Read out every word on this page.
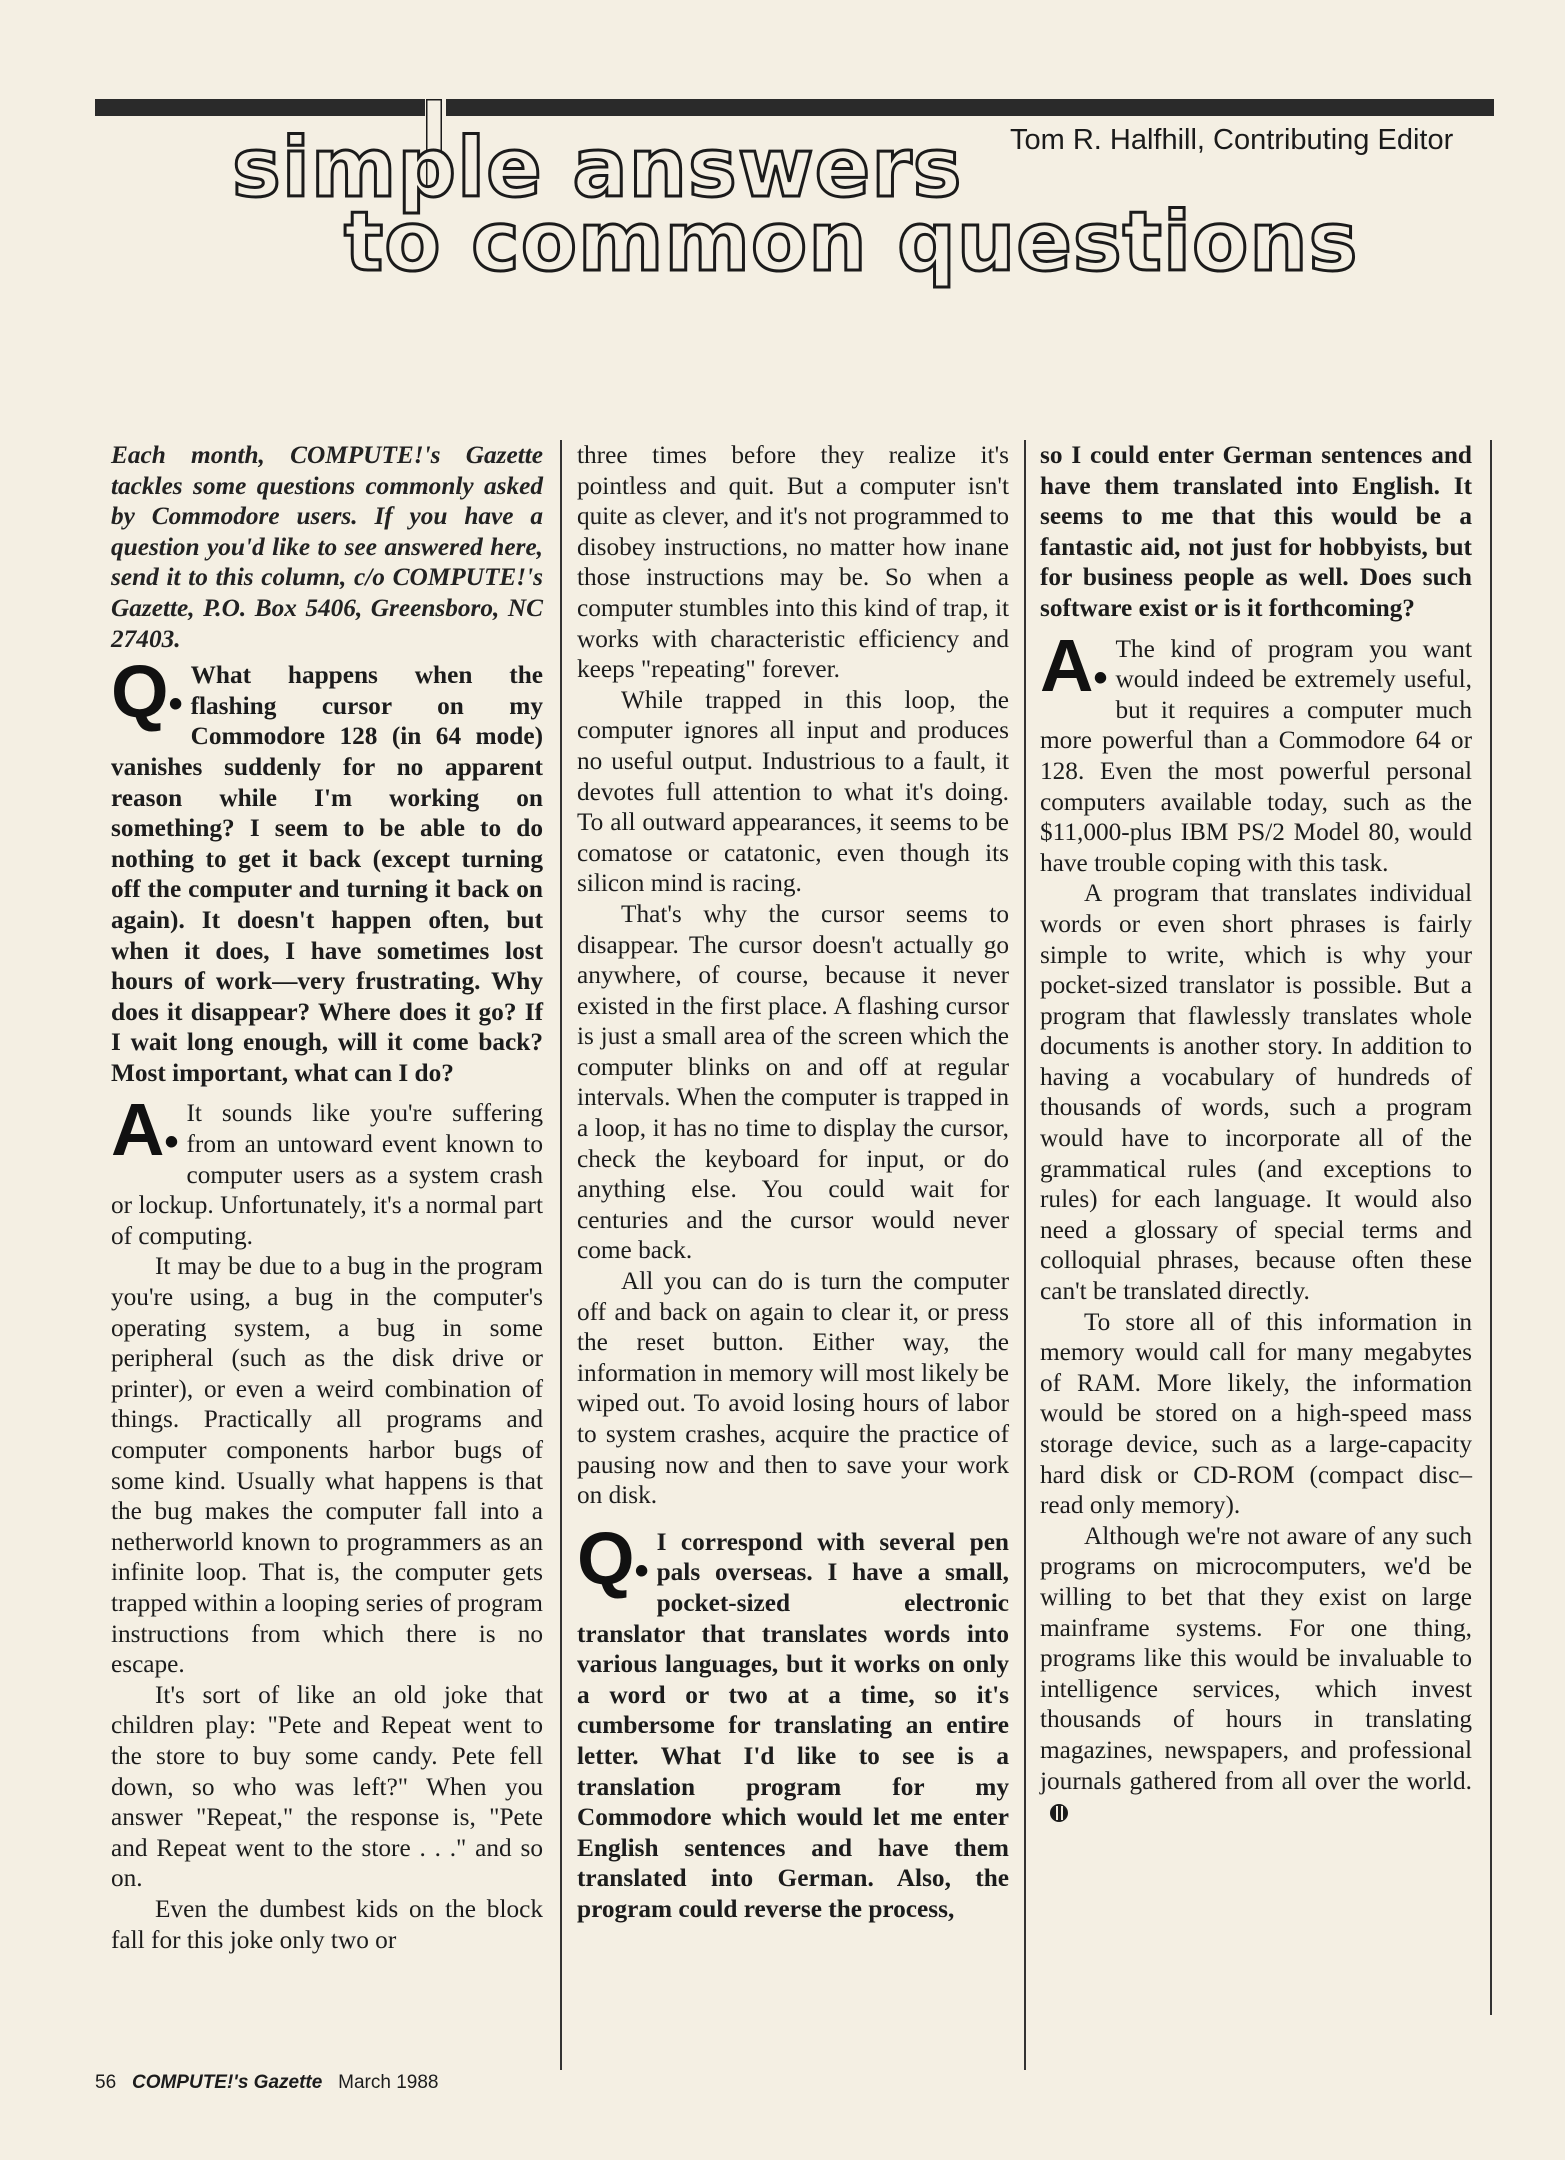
simple answers
to common questions
Tom R. Halfhill, Contributing Editor

Each month, COMPUTE!'s Gazette tackles some questions commonly asked by Commodore users. If you have a question you'd like to see answered here, send it to this column, c/o COMPUTE!'s Gazette, P.O. Box 5406, Greensboro, NC 27403.

Q•
What happens when the flashing cursor on my Commodore 128 (in 64 mode) vanishes suddenly for no apparent reason while I'm working on something? I seem to be able to do nothing to get it back (except turning off the computer and turning it back on again). It doesn't happen often, but when it does, I have sometimes lost hours of work—very frustrating. Why does it disappear? Where does it go? If I wait long enough, will it come back? Most important, what can I do?
A•
It sounds like you're suffering from an untoward event known to computer users as a system crash or lockup. Unfortunately, it's a normal part of computing.

It may be due to a bug in the program you're using, a bug in the computer's operating system, a bug in some peripheral (such as the disk drive or printer), or even a weird combination of things. Practically all programs and computer components harbor bugs of some kind. Usually what happens is that the bug makes the computer fall into a netherworld known to programmers as an infinite loop. That is, the computer gets trapped within a looping series of program instructions from which there is no escape.

It's sort of like an old joke that children play: "Pete and Repeat went to the store to buy some candy. Pete fell down, so who was left?" When you answer "Repeat," the response is, "Pete and Repeat went to the store . . ." and so on.

Even the dumbest kids on the block fall for this joke only two or

three times before they realize it's pointless and quit. But a computer isn't quite as clever, and it's not programmed to disobey instructions, no matter how inane those instructions may be. So when a computer stumbles into this kind of trap, it works with characteristic efficiency and keeps "repeating" forever.

While trapped in this loop, the computer ignores all input and produces no useful output. Industrious to a fault, it devotes full attention to what it's doing. To all outward appearances, it seems to be comatose or catatonic, even though its silicon mind is racing.

That's why the cursor seems to disappear. The cursor doesn't actually go anywhere, of course, because it never existed in the first place. A flashing cursor is just a small area of the screen which the computer blinks on and off at regular intervals. When the computer is trapped in a loop, it has no time to display the cursor, check the keyboard for input, or do anything else. You could wait for centuries and the cursor would never come back.

All you can do is turn the computer off and back on again to clear it, or press the reset button. Either way, the information in memory will most likely be wiped out. To avoid losing hours of labor to system crashes, acquire the practice of pausing now and then to save your work on disk.

Q•
I correspond with several pen pals overseas. I have a small, pocket-sized electronic translator that translates words into various languages, but it works on only a word or two at a time, so it's cumbersome for translating an entire letter. What I'd like to see is a translation program for my Commodore which would let me enter English sentences and have them translated into German. Also, the program could reverse the process,

so I could enter German sentences and have them translated into English. It seems to me that this would be a fantastic aid, not just for hobbyists, but for business people as well. Does such software exist or is it forthcoming?

A•
The kind of program you want would indeed be extremely useful, but it requires a computer much more powerful than a Commodore 64 or 128. Even the most powerful personal computers available today, such as the $11,000-plus IBM PS/2 Model 80, would have trouble coping with this task.

A program that translates individual words or even short phrases is fairly simple to write, which is why your pocket-sized translator is possible. But a program that flawlessly translates whole documents is another story. In addition to having a vocabulary of hundreds of thousands of words, such a program would have to incorporate all of the grammatical rules (and exceptions to rules) for each language. It would also need a glossary of special terms and colloquial phrases, because often these can't be translated directly.

To store all of this information in memory would call for many megabytes of RAM. More likely, the information would be stored on a high-speed mass storage device, such as a large-capacity hard disk or CD-ROM (compact disc–read only memory).

Although we're not aware of any such programs on microcomputers, we'd be willing to bet that they exist on large mainframe systems. For one thing, programs like this would be invaluable to intelligence services, which invest thousands of hours in translating magazines, newspapers, and professional journals gathered from all over the world.

56 COMPUTE!'s Gazette March 1988
